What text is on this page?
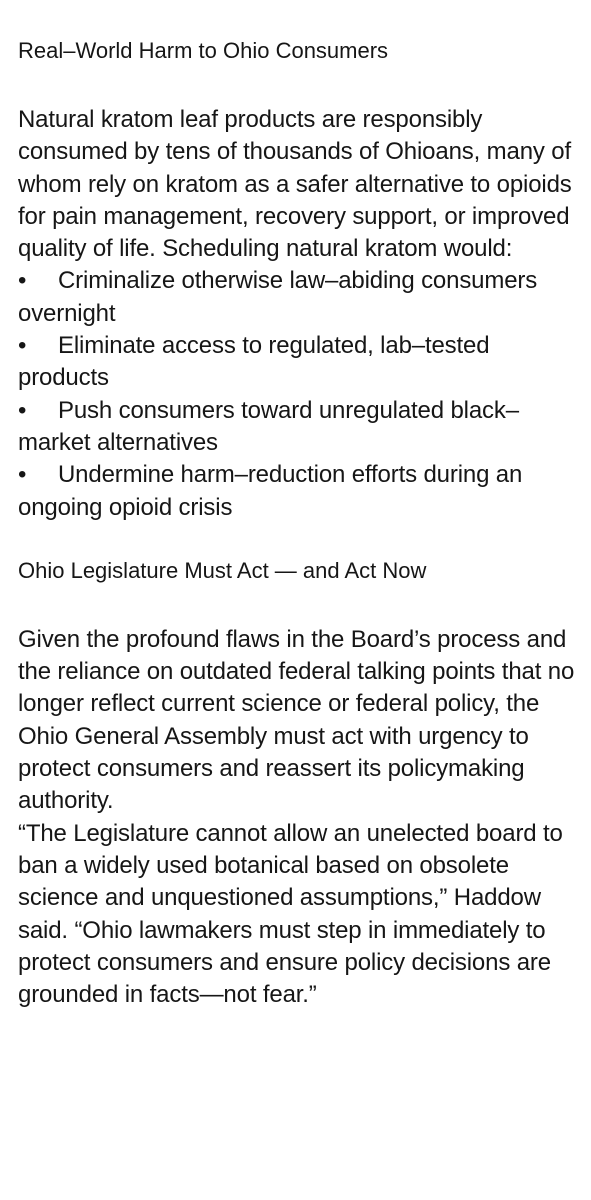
Real–World Harm to Ohio Consumers

Natural kratom leaf products are responsibly consumed by tens of thousands of Ohioans, many of whom rely on kratom as a safer alternative to opioids for pain management, recovery support, or improved quality of life. Scheduling natural kratom would:

• Criminalize otherwise law–abiding consumers overnight
• Eliminate access to regulated, lab–tested products
• Push consumers toward unregulated black–market alternatives
• Undermine harm–reduction efforts during an ongoing opioid crisis
Ohio Legislature Must Act — and Act Now

Given the profound flaws in the Board’s process and the reliance on outdated federal talking points that no longer reflect current science or federal policy, the Ohio General Assembly must act with urgency to protect consumers and reassert its policymaking authority.

“The Legislature cannot allow an unelected board to ban a widely used botanical based on obsolete science and unquestioned assumptions,” Haddow said. “Ohio lawmakers must step in immediately to protect consumers and ensure policy decisions are grounded in facts—not fear.”
